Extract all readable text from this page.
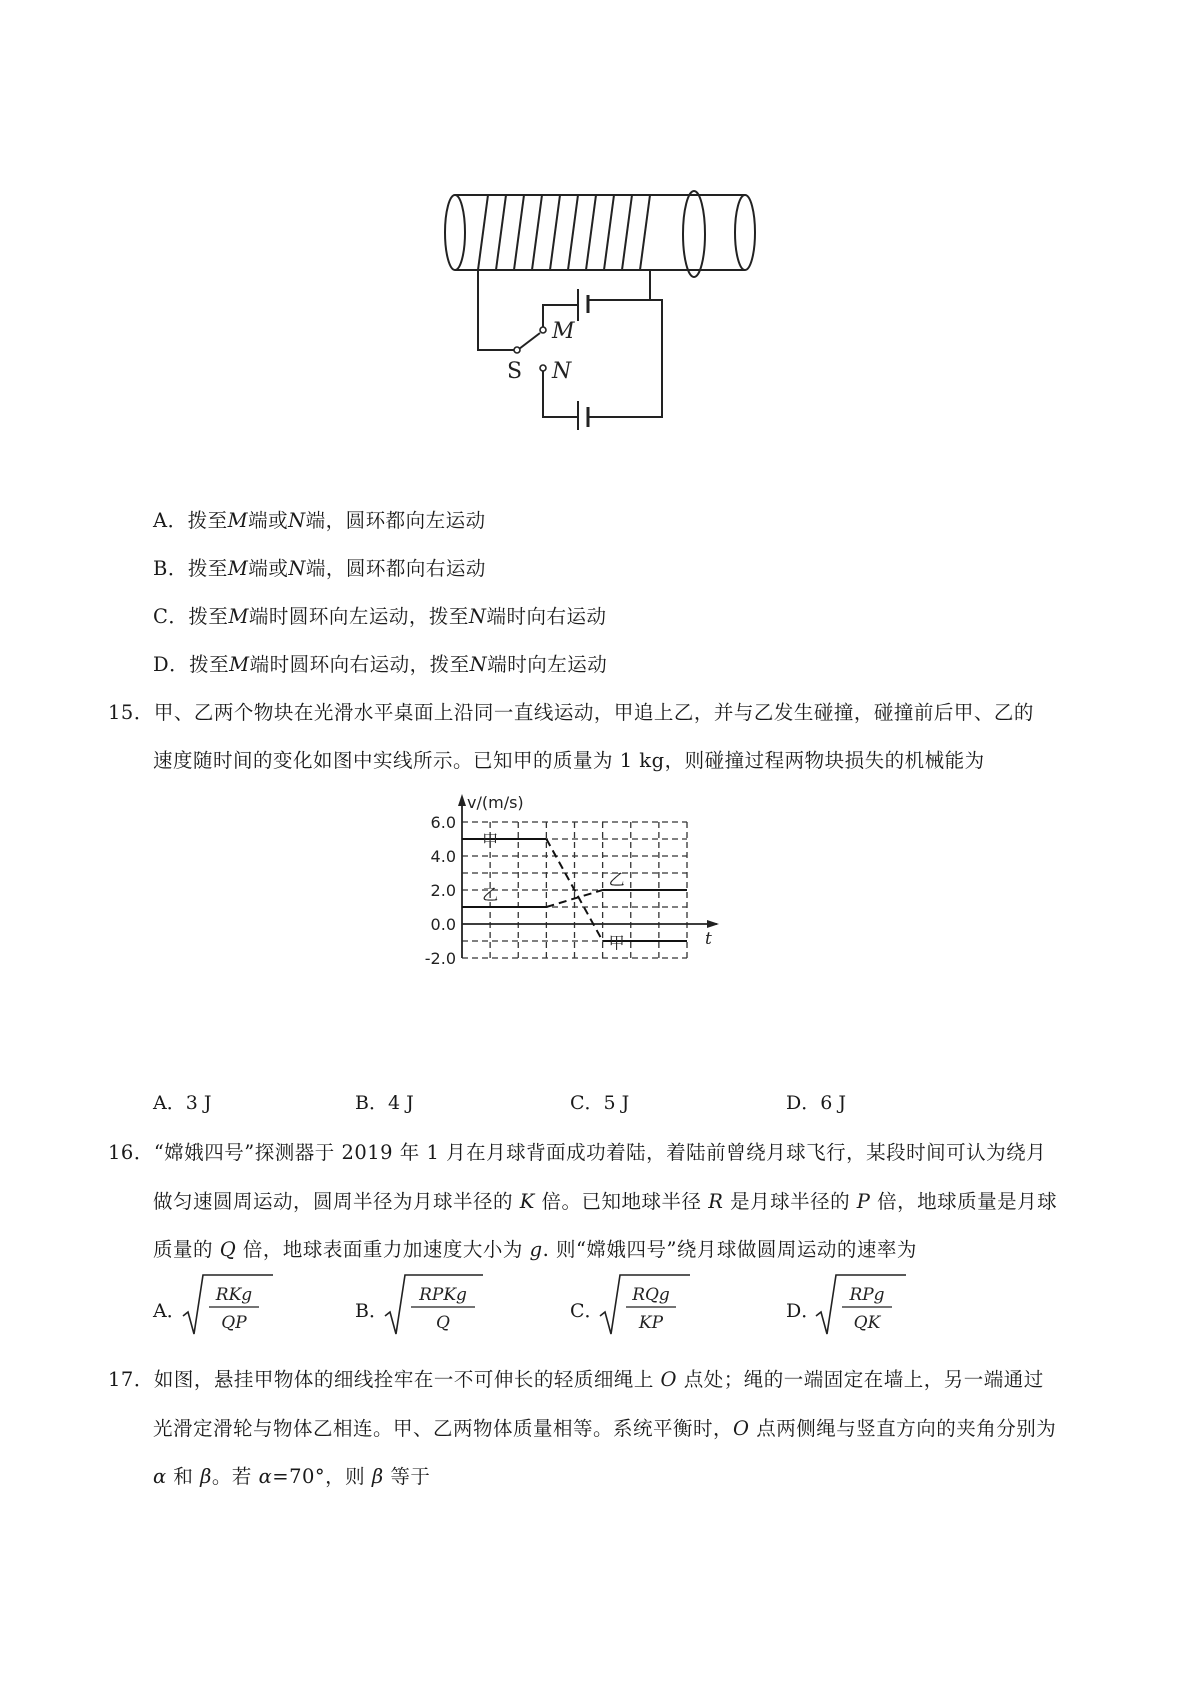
M
N
S
A．拨至M端或N端，圆环都向左运动
B．拨至M端或N端，圆环都向右运动
C．拨至M端时圆环向左运动，拨至N端时向右运动
D．拨至M端时圆环向右运动，拨至N端时向左运动
15．甲、乙两个物块在光滑水平桌面上沿同一直线运动，甲追上乙，并与乙发生碰撞，碰撞前后甲、乙的
速度随时间的变化如图中实线所示。已知甲的质量为 1 kg，则碰撞过程两物块损失的机械能为
v/(m/s)
t
6.0
4.0
2.0
0.0
-2.0
甲
乙
乙
甲
A．3 J	B．4 J	C．5 J	D．6 J
16．“嫦娥四号”探测器于 2019 年 1 月在月球背面成功着陆，着陆前曾绕月球飞行，某段时间可认为绕月
做匀速圆周运动，圆周半径为月球半径的 K 倍。已知地球半径 R 是月球半径的 P 倍，地球质量是月球
质量的 Q 倍，地球表面重力加速度大小为 g. 则“嫦娥四号”绕月球做圆周运动的速率为
A．
RKg
QP
B．
RPKg
Q
C．
RQg
KP
D．
RPg
QK
17．如图，悬挂甲物体的细线拴牢在一不可伸长的轻质细绳上 O 点处；绳的一端固定在墙上，另一端通过
光滑定滑轮与物体乙相连。甲、乙两物体质量相等。系统平衡时，O 点两侧绳与竖直方向的夹角分别为
α 和 β。若 α=70°，则 β 等于
